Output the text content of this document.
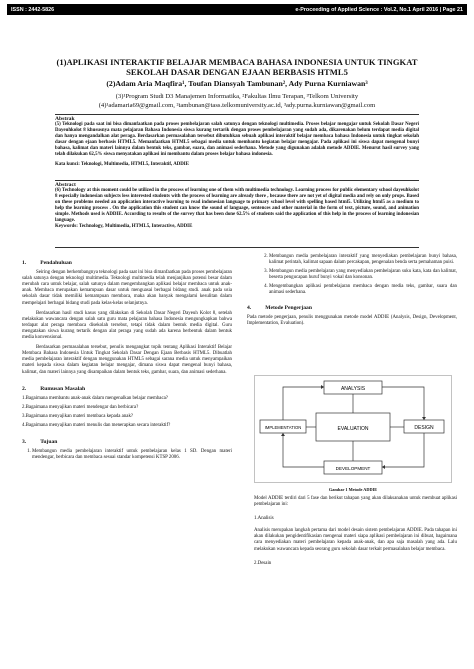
ISSN : 2442-5826	e-Proceeding of Applied Science : Vol.2, No.1 April 2016 | Page 21
(1)APLIKASI INTERAKTIF BELAJAR MEMBACA BAHASA INDONESIA UNTUK TINGKAT SEKOLAH DASAR DENGAN EJAAN BERBASIS HTML5
(2)Adam Aria Maqfira¹, Toufan Diansyah Tambunan², Ady Purna Kurniawan³
(3)¹Program Studi D3 Manajemen Informatika, ²Fakultas Ilmu Terapan, ³Telkom University
(4)¹adamaria69@gmail.com, ²tambunan@tass.telkomuniversity.ac.id, ³ady.purna.kurniawan@gmail.com
Abstrak
(5) Teknologi pada saat ini bisa dimanfaatkan pada proses pembelajaran salah satunya dengan teknologi multimedia. Proses belajar mengajar untuk Sekolah Dasar Negeri Dayeuhkolot 8 khususnya mata pelajaran Bahasa Indonesia siswa kurang tertarik dengan proses pembelajaran yang sudah ada, dikarenakan belum terdapat media digital dan hanya mengandalkan alat peraga. Berdasarkan permasalahan tersebut dibutuhkan sebuah aplikasi interaktif belajar membaca bahasa Indonesia untuk tingkat sekolah dasar dengan ejaan berbasis HTML5. Memanfaatkan HTML5 sebagai media untuk membantu kegiatan belajar mengajar. Pada aplikasi ini siswa dapat mengenal bunyi bahasa, kalimat dan materi lainnya dalam bentuk teks, gambar, suara, dan animasi sederhana. Metode yang digunakan adalah metode ADDIE. Menurut hasil survey yang telah dilakukan 62,5% siswa menyatakan aplikasi ini membantu dalam proses belajar bahasa indonesia.
Kata kunci: Teknologi, Multimedia, HTML5, Interaktif, ADDIE
Abstract
(6) Technology at this moment could be utilized in the process of learning one of them with multimedia technology. Learning process for public elementary school dayeuhkolot 8 especially indonesian subjects less interested students with the process of learning are already there , because there are not yet of digital media and rely on only props. Based on these problems needed an application interactive learning to read indonesian language to primary school level with spelling based html5. Utilizing html5 as a medium to help the learning process . On the application this student can know the sound of language, sentences and other material in the form of text, picture, sound, and animation simple. Methods used is ADDIE. According to results of the survey that has been done 62.5% of students said the application of this help in the process of learning indonesian language.
Keywords: Technology, Multimedia, HTML5, Interactive, ADDIE
1.	Pendahuluan

Seiring dengan berkembangnya teknologi pada saat ini bisa dimanfaatkan pada proses pembelajaran salah satunya dengan teknologi multimedia. Teknologi multimedia telah menjanjikan potensi besar dalam merubah cara untuk belajar, salah satunya dalam mengembangkan aplikasi belajar membaca untuk anak-anak. Membaca merupakan kemampuan dasar untuk menguasai berbagai bidang studi. anak pada usia sekolah dasar tidak memiliki kemampuan membaca, maka akan banyak mengalami kesulitan dalam mempelajari berbagai bidang studi pada kelas-kelas selanjutnya.

Berdasarkan hasil studi kasus yang dilakukan di Sekolah Dasar Negeri Dayeuh Kolot 8, setelah melakukan wawancara dengan salah satu guru mata pelajaran bahasa Indonesia mengungkapkan bahwa terdapat alat peraga membaca disekolah tersebut, tetapi tidak dalam bentuk media digital. Guru mengatakan siswa kurang tertarik dengan alat peraga yang sudah ada karena berbentuk dalam bentuk media konvensional.

Berdasarkan permasalahan tersebut, penulis mengangkat topik tentang Aplikasi Interaktif Belajar Membaca Bahasa Indonesia Untuk Tingkat Sekolah Dasar Dengan Ejaan Berbasis HTML5. Dibuatlah media pembelajaran interaktif dengan menggunakan HTML5 sebagai sarana media untuk menyampaikan materi kepada siswa dalam kegiatan belajar mengajar, dimana siswa dapat mengenal bunyi bahasa, kalimat, dan materi lainnya yang disampaikan dalam bentuk teks, gambar, suara, dan animasi sederhana.

2.	Rumusan Masalah
1.Bagaimana membantu anak-anak dalam mengenalkan belajar membaca?
2.Bagaimana menyajikan materi mendengar dan berbicara?
3.Bagaimana menyajikan materi membaca kepada anak?
4.Bagaimana menyajikan materi menulis dan menerapkan secara interaktif?
3.	Tujuan
1. Membangun media pembelajaran interaktif untuk pembelajaran kelas 1 SD. Dengan materi mendengar, berbicara dan membaca sesuai standar kompetensi KTSP 2006.
2. Membangun media pembelajaran interaktif yang menyediakan pembelajaran bunyi bahasa, kalimat perintah, kalimat sapaan dalam percakapan, pengenalan benda serta pemahaman puisi.
3. Membangun media pembelajaran yang menyediakan pembelajaran suku kata, kata dan kalimat, beserta pengucapan huruf bunyi vokal dan konsonan.
4. Mengembangkan aplikasi pembelajaran membaca dengan media teks, gambar, suara dan animasi sederhana.
4.	Metode Pengerjaan

Pada metode pengerjaan, penulis menggunakan metode model ADDIE (Analysis, Design, Development, Implementation, Evaluation).

EVALUATION
ANALYSIS
DESIGN
IMPLEMENTATION
DEVELOPMENT
Gambar 1 Metode ADDIE

Model ADDIE terdiri dari 5 fase dan berikut tahapan yang akan dilaksanakan untuk membuat aplikasi pembelajaran ini:

1.Analisis

Analisis merupakan langkah pertama dari model desain sistem pembelajaran ADDIE. Pada tahapan ini akan dilakukan pengidentifikasian mengenai materi siapa aplikasi pembelajaran ini dibuat, bagaimana cara menyediakan materi pembelajaran kepada anak-anak, dan apa saja masalah yang ada. Lalu melakukan wawancara kepada seorang guru sekolah dasar terkait permasalahan belajar membaca.

2.Desain
